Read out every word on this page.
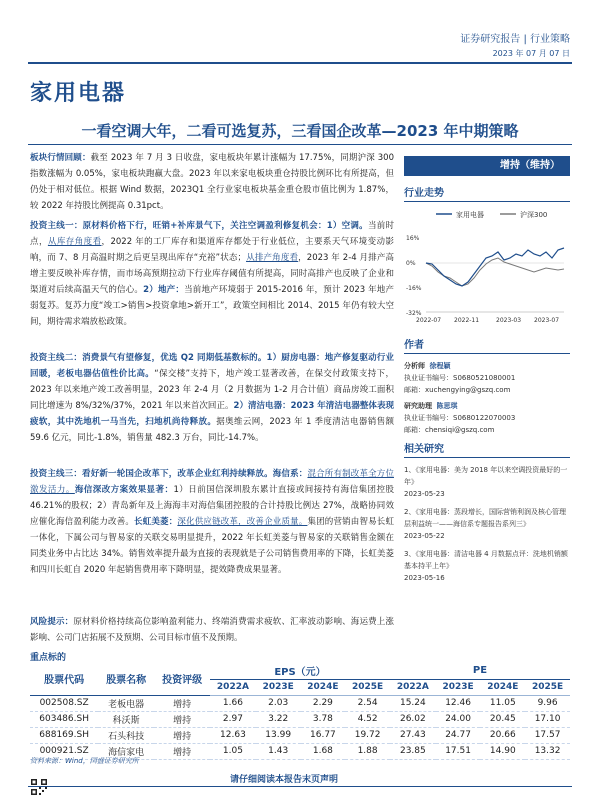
证券研究报告 | 行业策略
2023 年 07 月 07 日
家用电器
一看空调大年，二看可选复苏，三看国企改革—2023 年中期策略
板块行情回顾：截至 2023 年 7 月 3 日收盘，家电板块年累计涨幅为 17.75%，同期沪深 300 指数涨幅为 0.05%，家电板块跑赢大盘。2023 年以来家电板块重仓持股比例环比有所提高，但仍处于相对低位。根据 Wind 数据，2023Q1 全行业家电板块基金重仓股市值比例为 1.87%，较 2022 年持股比例提高 0.31pct。
投资主线一：原材料价格下行，旺销+补库景气下，关注空调盈利修复机会：1）空调。当前时点，从库存角度看，2022 年的工厂库存和渠道库存都处于行业低位，主要系天气环境变动影响，而 7、8 月高温时期之后更呈现出库存“充裕”状态；从排产角度看，2023 年 2-4 月排产高增主要反映补库存情，而市场高预期拉动下行业库存阈值有所提高，同时高排产也反映了企业和渠道对后续高温天气的信心。2）地产：当前地产环境弱于 2015-2016 年，预计 2023 年地产弱复苏。复苏力度“竣工>销售>投资拿地>新开工”，政策空间相比 2014、2015 年仍有较大空间，期待需求端放松政策。
投资主线二：消费景气有望修复，优选 Q2 同期低基数标的。1）厨房电器：地产修复驱动行业回暖，老板电器估值性价比高。“保交楼”支持下，地产竣工显著改善，在保交付政策支持下，2023 年以来地产竣工改善明显，2023 年 2-4 月（2 月数据为 1-2 月合计值）商品房竣工面积同比增速为 8%/32%/37%，2021 年以来首次回正。2）清洁电器：2023 年清洁电器整体表现疲软，其中洗地机一马当先，扫地机尚待释放。据奥维云网，2023 年 1 季度清洁电器销售额 59.6 亿元，同比-1.8%，销售量 482.3 万台，同比-14.7%。
投资主线三：看好新一轮国企改革下，改革企业红利持续释放。海信系：混合所有制改革全方位激发活力。海信深改方案效果显著：1）日前国信深圳股东累计直接或间接持有海信集团控股 46.21%的股权；2）青岛新年及上海海丰对海信集团控股的合计持股比例达 27%，战略协同效应催化海信盈利能力改善。长虹美菱：深化供应链改革，改善企业质量。集团的营销由智易长虹一体化，下属公司与智易家的关联交易明显提升，2022 年长虹美菱与智易家的关联销售金额在同类业务中占比达 34%。销售效率提升最为直接的表现就是子公司销售费用率的下降，长虹美菱和四川长虹自 2020 年起销售费用率下降明显，提效降费成果显著。
风险提示：原材料价格持续高位影响盈利能力、终端消费需求疲软、汇率波动影响、海运费上涨影响、公司门店拓展不及预期、公司目标市值不及预期。
增持（维持）
行业走势
家用电器	沪深300
16%
0%
-16%
-32%
2022-07 2022-11	2023-03 2023-07
作者
分析师 徐程颖
执业证书编号：S0680521080001
邮箱：xuchengying@gszq.com
研究助理 陈思琪
执业证书编号：S0680122070003
邮箱：chensiqi@gszq.com
相关研究
1、《家用电器：美为 2018 年以来空调投资最好的一年》
2023-05-23
2、《家用电器：蒸段增长，国际营销利润及核心管理层利益统一——海信系专题报告系列三》
2023-05-22
3、《家用电器：清洁电器 4 月数据点评：洗地机销额基本持平上年》
2023-05-16
重点标的
股票代码	股票名称	投资评级	EPS（元）				PE			
			2022A	2023E	2024E	2025E	2022A	2023E	2024E	2025E
002508.SZ	老板电器	增持	1.66	2.03	2.29	2.54	15.24	12.46	11.05	9.96
603486.SH	科沃斯	增持	2.97	3.22	3.78	4.52	26.02	24.00	20.45	17.10
688169.SH	石头科技	增持	12.63	13.99	16.77	19.72	27.43	24.77	20.66	17.57
000921.SZ	海信家电	增持	1.05	1.43	1.68	1.88	23.85	17.51	14.90	13.32
资料来源：Wind，国盛证券研究所
请仔细阅读本报告末页声明
